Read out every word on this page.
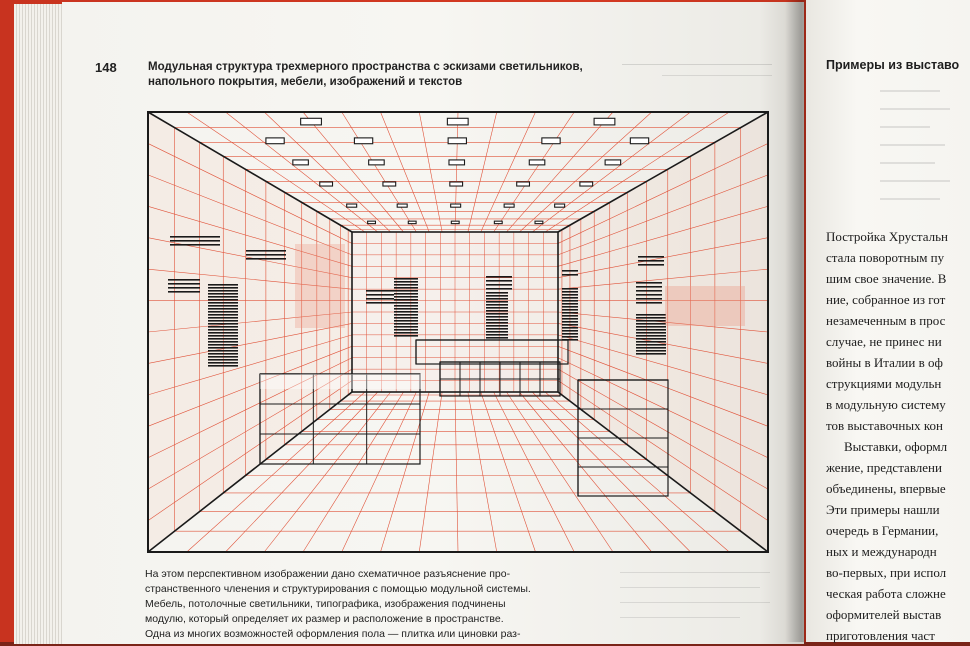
148	Модульная структура трехмерного пространства с эскизами светильников,
напольного покрытия, мебели, изображений и текстов

На этом перспективном изображении дано схематичное разъяснение про-

странственного членения и структурирования с помощью модульной системы.

Мебель, потолочные светильники, типографика, изображения подчинены

модулю, который определяет их размер и расположение в пространстве.

Одна из многих возможностей оформления пола — плитка или циновки раз-

Примеры из выставо
Постройка Хрустальн
стала поворотным пу
шим свое значение. В
ние, собранное из гот
незамеченным в прос
случае, не принес ни
войны в Италии в оф
струкциями модульн
в модульную систему
тов выставочных кон
Выставки, оформл
жение, представлени
объединены, впервые
Эти примеры нашли
очередь в Германии,
ных и международн
во-первых, при испол
ческая работа сложне
оформителей выстав
приготовления част
